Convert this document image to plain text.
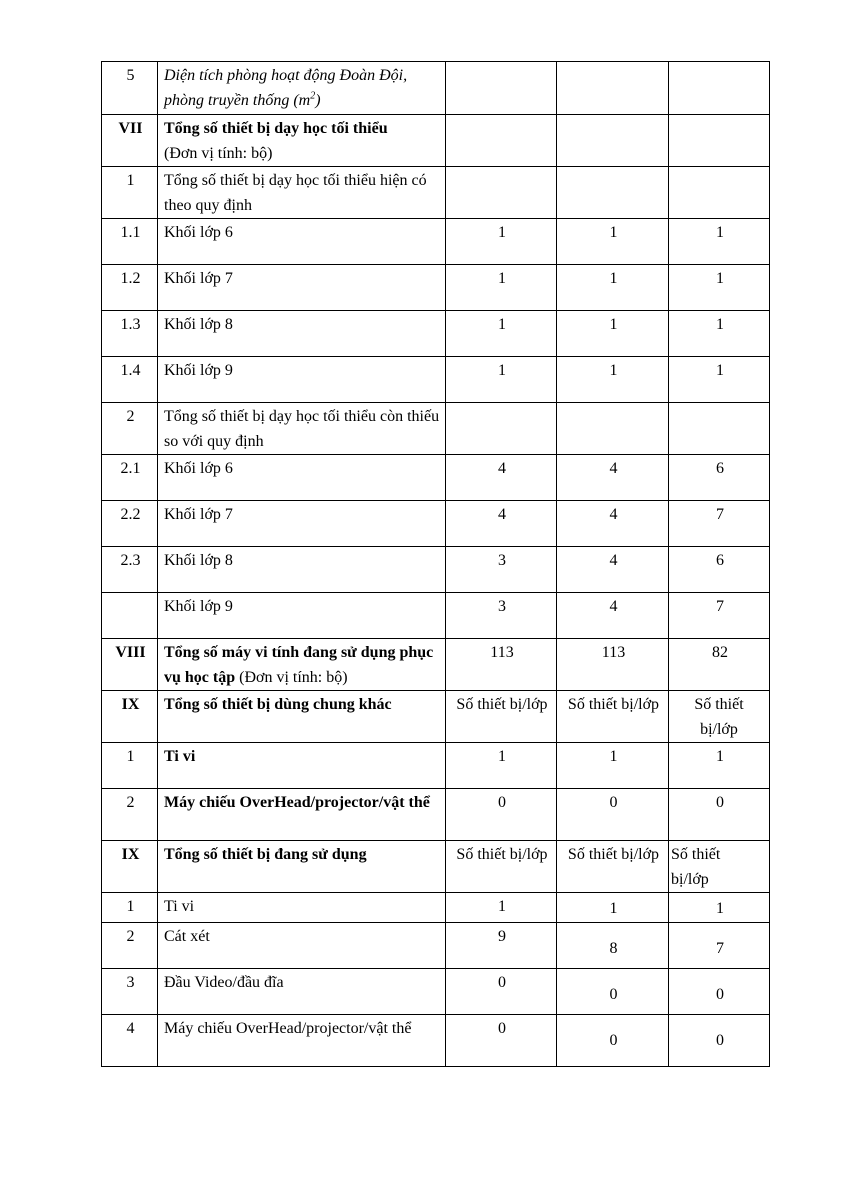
5	Diện tích phòng hoạt động Đoàn Đội, phòng truyền thống $(m^2)$			
VII	Tổng số thiết bị dạy học tối thiểu
(Đơn vị tính: bộ)			
1	Tổng số thiết bị dạy học tối thiểu hiện có theo quy định			
1.1	Khối lớp 6	1	1	1
1.2	Khối lớp 7	1	1	1
1.3	Khối lớp 8	1	1	1
1.4	Khối lớp 9	1	1	1
2	Tổng số thiết bị dạy học tối thiểu còn thiếu so với quy định			
2.1	Khối lớp 6	4	4	6
2.2	Khối lớp 7	4	4	7
2.3	Khối lớp 8	3	4	6
	Khối lớp 9	3	4	7
VIII	Tổng số máy vi tính đang sử dụng phục vụ học tập (Đơn vị tính: bộ)	113	113	82
IX	Tổng số thiết bị dùng chung khác	Số thiết bị/lớp	Số thiết bị/lớp	Số thiết bị/lớp
1	Ti vi	1	1	1
2	Máy chiếu OverHead/projector/vật thể	0	0	0
IX	Tổng số thiết bị đang sử dụng	Số thiết bị/lớp	Số thiết bị/lớp	Số thiết bị/lớp
1	Ti vi	1	1	1
2	Cát xét	9	8	7
3	Đầu Video/đầu đĩa	0	0	0
4	Máy chiếu OverHead/projector/vật thể	0	0	0
